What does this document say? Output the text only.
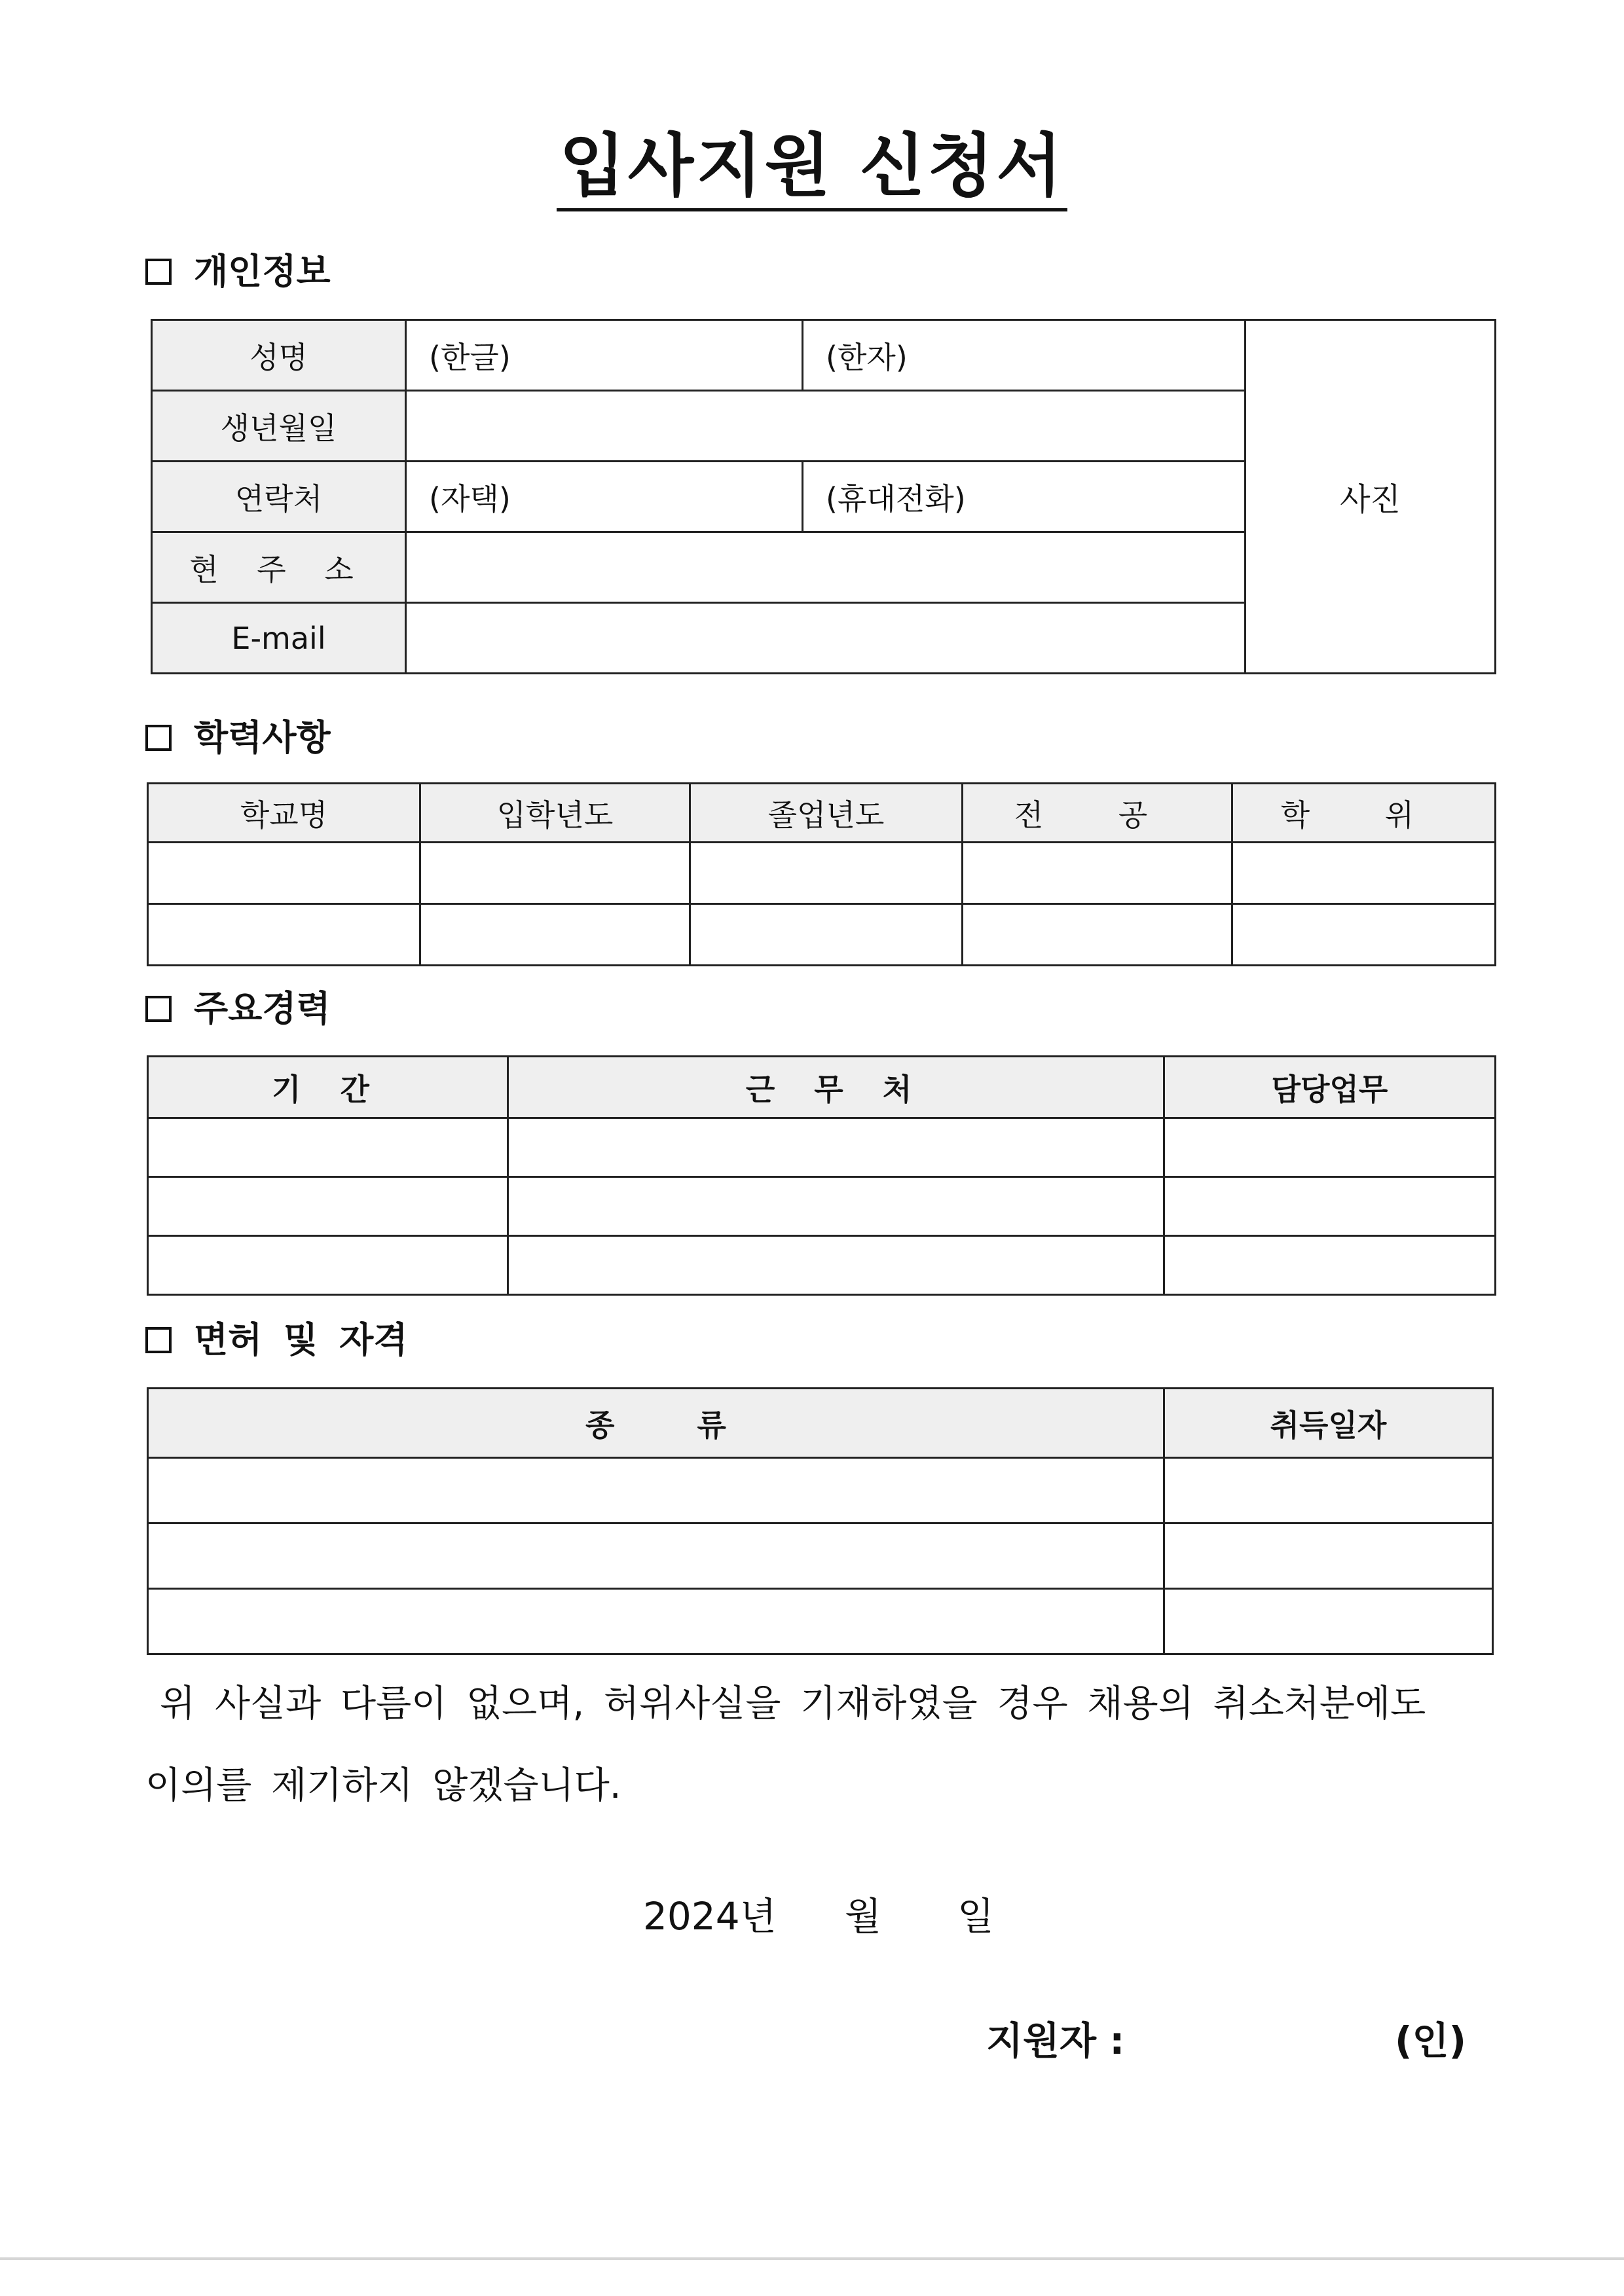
입사지원 신청서
개인정보
성명	(한글)	(한자)	사진
생년월일			
연락처	(자택)	(휴대전화)	
현 주 소			
E-mail			
학력사항
학교명	입학년도	졸업년도	전 공	학 위

주요경력
기 간	근 무 처	담당업무

면허 및 자격
종 류	취득일자

위 사실과 다름이 없으며, 허위사실을 기재하였을 경우 채용의 취소처분에도

이의를 제기하지 않겠습니다.

2024년 월 일
지원자 :	(인)
